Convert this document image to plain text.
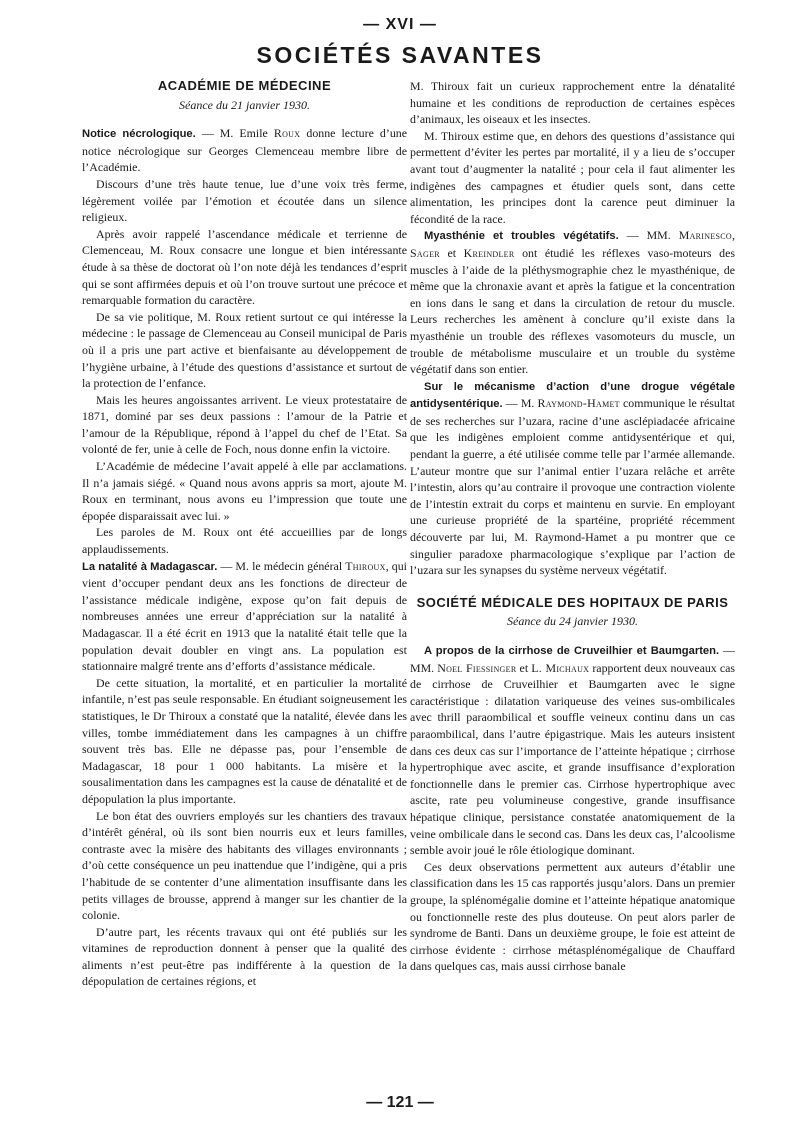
— XVI —
SOCIÉTÉS SAVANTES
ACADÉMIE DE MÉDECINE
Séance du 21 janvier 1930.

Notice nécrologique. — M. Emile Roux donne lecture d’une notice nécrologique sur Georges Clemenceau membre libre de l’Académie.

Discours d’une très haute tenue, lue d’une voix très ferme, légèrement voilée par l’émotion et écoutée dans un silence religieux.

Après avoir rappelé l’ascendance médicale et terrienne de Clemenceau, M. Roux consacre une longue et bien intéressante étude à sa thèse de doctorat où l’on note déjà les tendances d’esprit qui se sont affirmées depuis et où l’on trouve surtout une précoce et remarquable formation du caractère.

De sa vie politique, M. Roux retient surtout ce qui intéresse la médecine : le passage de Clemenceau au Conseil municipal de Paris où il a pris une part active et bienfaisante au développement de l’hygiène urbaine, à l’étude des questions d’assistance et surtout de la protection de l’enfance.

Mais les heures angoissantes arrivent. Le vieux protestataire de 1871, dominé par ses deux passions : l’amour de la Patrie et l’amour de la République, répond à l’appel du chef de l’Etat. Sa volonté de fer, unie à celle de Foch, nous donne enfin la victoire.

L’Académie de médecine l’avait appelé à elle par acclamations. Il n’a jamais siégé. « Quand nous avons appris sa mort, ajoute M. Roux en terminant, nous avons eu l’impression que toute une épopée disparaissait avec lui. »

Les paroles de M. Roux ont été accueillies par de longs applaudissements.

La natalité à Madagascar. — M. le médecin général Thiroux, qui vient d’occuper pendant deux ans les fonctions de directeur de l’assistance médicale indigène, expose qu’on fait depuis de nombreuses années une erreur d’appréciation sur la natalité à Madagascar. Il a été écrit en 1913 que la natalité était telle que la population devait doubler en vingt ans. La population est stationnaire malgré trente ans d’efforts d’assistance médicale.

De cette situation, la mortalité, et en particulier la mortalité infantile, n’est pas seule responsable. En étudiant soigneusement les statistiques, le Dr Thiroux a constaté que la natalité, élevée dans les villes, tombe immédiatement dans les campagnes à un chiffre souvent très bas. Elle ne dépasse pas, pour l’ensemble de Madagascar, 18 pour 1 000 habitants. La misère et la sousalimentation dans les campagnes est la cause de dénatalité et de dépopulation la plus importante.

Le bon état des ouvriers employés sur les chantiers des travaux d’intérêt général, où ils sont bien nourris eux et leurs familles, contraste avec la misère des habitants des villages environnants ; d’où cette conséquence un peu inattendue que l’indigène, qui a pris l’habitude de se contenter d’une alimentation insuffisante dans les petits villages de brousse, apprend à manger sur les chantier de la colonie.

D’autre part, les récents travaux qui ont été publiés sur les vitamines de reproduction donnent à penser que la qualité des aliments n’est peut-être pas indifférente à la question de la dépopulation de certaines régions, et

M. Thiroux fait un curieux rapprochement entre la dénatalité humaine et les conditions de reproduction de certaines espèces d’animaux, les oiseaux et les insectes.

M. Thiroux estime que, en dehors des questions d’assistance qui permettent d’éviter les pertes par mortalité, il y a lieu de s’occuper avant tout d’augmenter la natalité ; pour cela il faut alimenter les indigènes des campagnes et étudier quels sont, dans cette alimentation, les principes dont la carence peut diminuer la fécondité de la race.

Myasthénie et troubles végétatifs. — MM. Marinesco, Sager et Kreindler ont étudié les réflexes vaso-moteurs des muscles à l’aide de la pléthysmographie chez le myasthénique, de même que la chronaxie avant et après la fatigue et la concentration en ions dans le sang et dans la circulation de retour du muscle. Leurs recherches les amènent à conclure qu’il existe dans la myasthénie un trouble des réflexes vasomoteurs du muscle, un trouble de métabolisme musculaire et un trouble du système végétatif dans son entier.

Sur le mécanisme d’action d’une drogue végétale antidysentérique. — M. Raymond-Hamet communique le résultat de ses recherches sur l’uzara, racine d’une asclépiadacée africaine que les indigènes emploient comme antidysentérique et qui, pendant la guerre, a été utilisée comme telle par l’armée allemande. L’auteur montre que sur l’animal entier l’uzara relâche et arrête l’intestin, alors qu’au contraire il provoque une contraction violente de l’intestin extrait du corps et maintenu en survie. En employant une curieuse propriété de la spartéine, propriété récemment découverte par lui, M. Raymond-Hamet a pu montrer que ce singulier paradoxe pharmacologique s’explique par l’action de l’uzara sur les synapses du système nerveux végétatif.

SOCIÉTÉ MÉDICALE DES HOPITAUX DE PARIS
Séance du 24 janvier 1930.

A propos de la cirrhose de Cruveilhier et Baumgarten. — MM. Noel Fiessinger et L. Michaux rapportent deux nouveaux cas de cirrhose de Cruveilhier et Baumgarten avec le signe caractéristique : dilatation variqueuse des veines sus-ombilicales avec thrill paraombilical et souffle veineux continu dans un cas paraombilical, dans l’autre épigastrique. Mais les auteurs insistent dans ces deux cas sur l’importance de l’atteinte hépatique ; cirrhose hypertrophique avec ascite, et grande insuffisance d’exploration fonctionnelle dans le premier cas. Cirrhose hypertrophique avec ascite, rate peu volumineuse congestive, grande insuffisance hépatique clinique, persistance constatée anatomiquement de la veine ombilicale dans le second cas. Dans les deux cas, l’alcoolisme semble avoir joué le rôle étiologique dominant.

Ces deux observations permettent aux auteurs d’établir une classification dans les 15 cas rapportés jusqu’alors. Dans un premier groupe, la splénomégalie domine et l’atteinte hépatique anatomique ou fonctionnelle reste des plus douteuse. On peut alors parler de syndrome de Banti. Dans un deuxième groupe, le foie est atteint de cirrhose évidente : cirrhose métasplénomégalique de Chauffard dans quelques cas, mais aussi cirrhose banale

— 121 —
